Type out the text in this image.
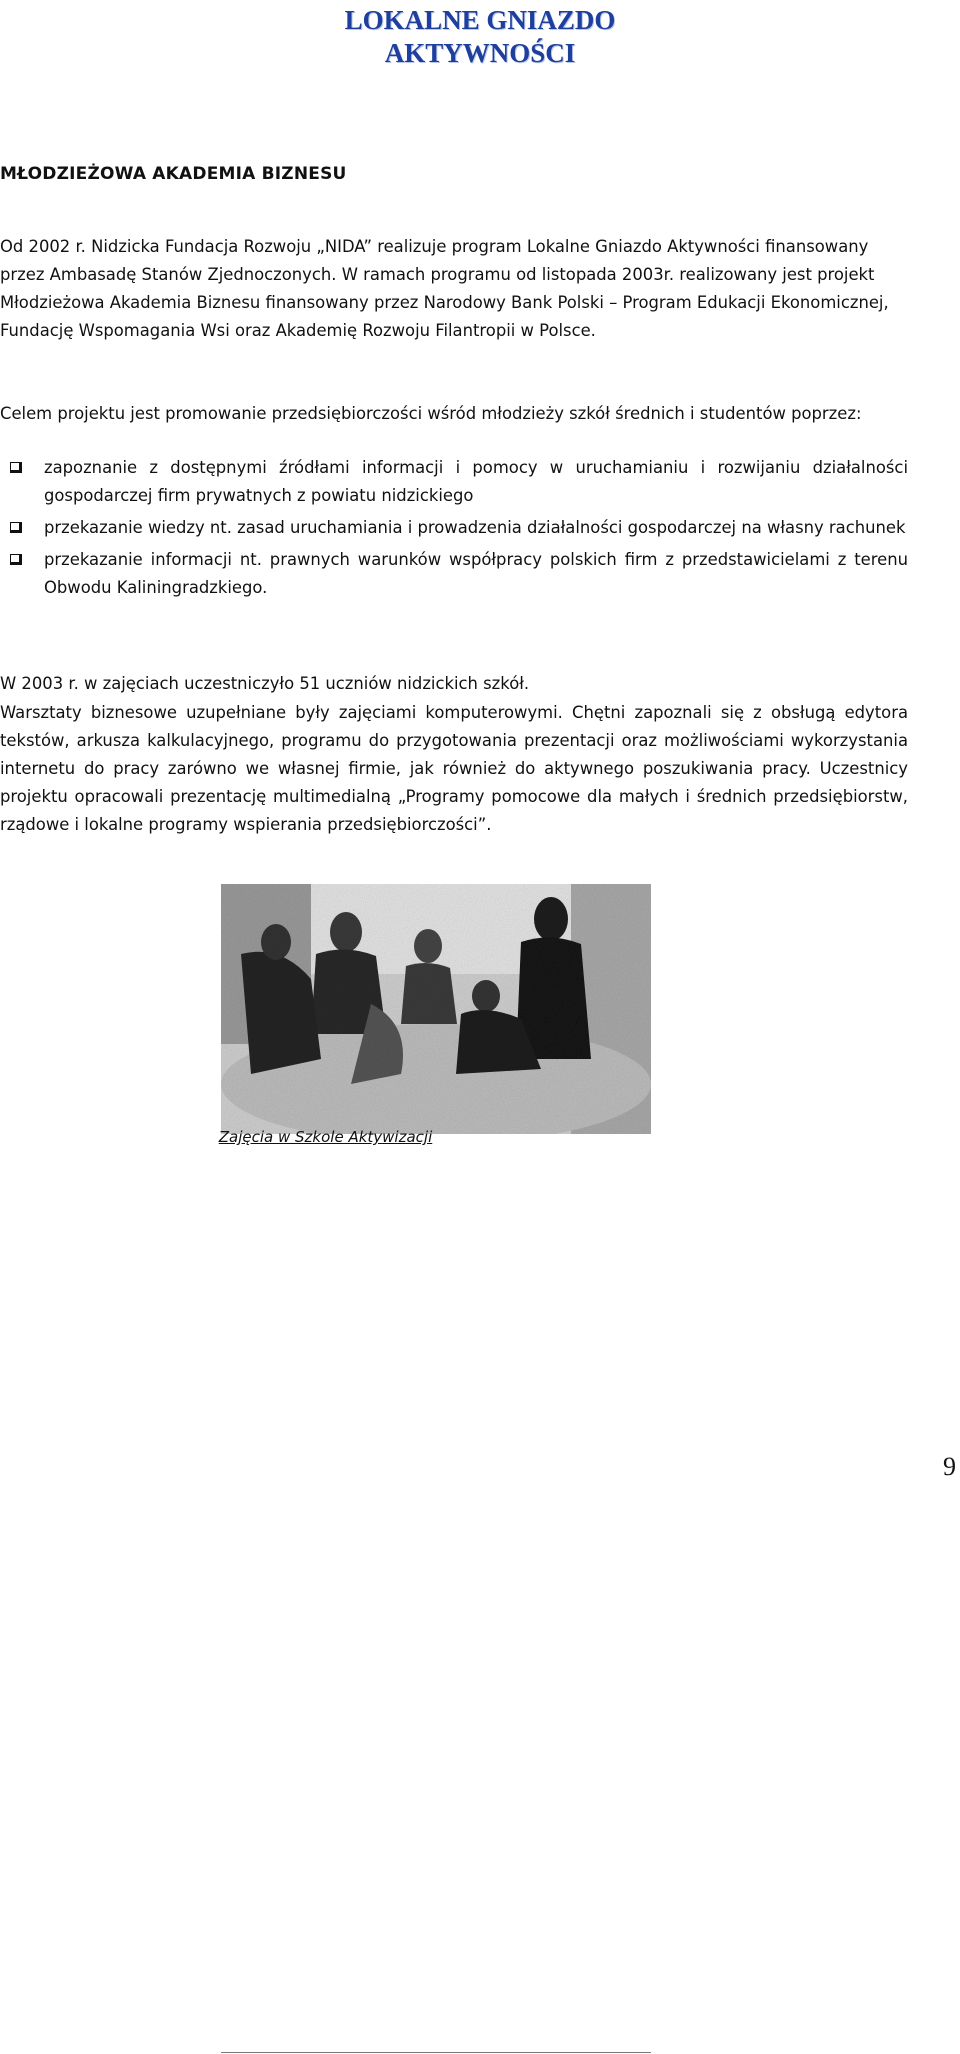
LOKALNE GNIAZDO
AKTYWNOŚCI
MŁODZIEŻOWA AKADEMIA BIZNESU

Od 2002 r. Nidzicka Fundacja Rozwoju „NIDA” realizuje program Lokalne Gniazdo Aktywności finansowany przez Ambasadę Stanów Zjednoczonych. W ramach programu od listopada 2003r. realizowany jest projekt Młodzieżowa Akademia Biznesu finansowany przez Narodowy Bank Polski – Program Edukacji Ekonomicznej, Fundację Wspomagania Wsi oraz Akademię Rozwoju Filantropii w Polsce.

Celem projektu jest promowanie przedsiębiorczości wśród młodzieży szkół średnich i studentów poprzez:

zapoznanie z dostępnymi źródłami informacji i pomocy w uruchamianiu i rozwijaniu działalności gospodarczej firm prywatnych z powiatu nidzickiego
przekazanie wiedzy nt. zasad uruchamiania i prowadzenia działalności gospodarczej na własny rachunek
przekazanie informacji nt. prawnych warunków współpracy polskich firm z przedstawicielami z terenu Obwodu Kaliningradzkiego.

W 2003 r. w zajęciach uczestniczyło 51 uczniów nidzickich szkół.

Warsztaty biznesowe uzupełniane były zajęciami komputerowymi. Chętni zapoznali się z obsługą edytora tekstów, arkusza kalkulacyjnego, programu do przygotowania prezentacji oraz możliwościami wykorzystania internetu do pracy zarówno we własnej firmie, jak również do aktywnego poszukiwania pracy. Uczestnicy projektu opracowali prezentację multimedialną „Programy pomocowe dla małych i średnich przedsiębiorstw, rządowe i lokalne programy wspierania przedsiębiorczości”.

Zajęcia w Szkole Aktywizacji
9
